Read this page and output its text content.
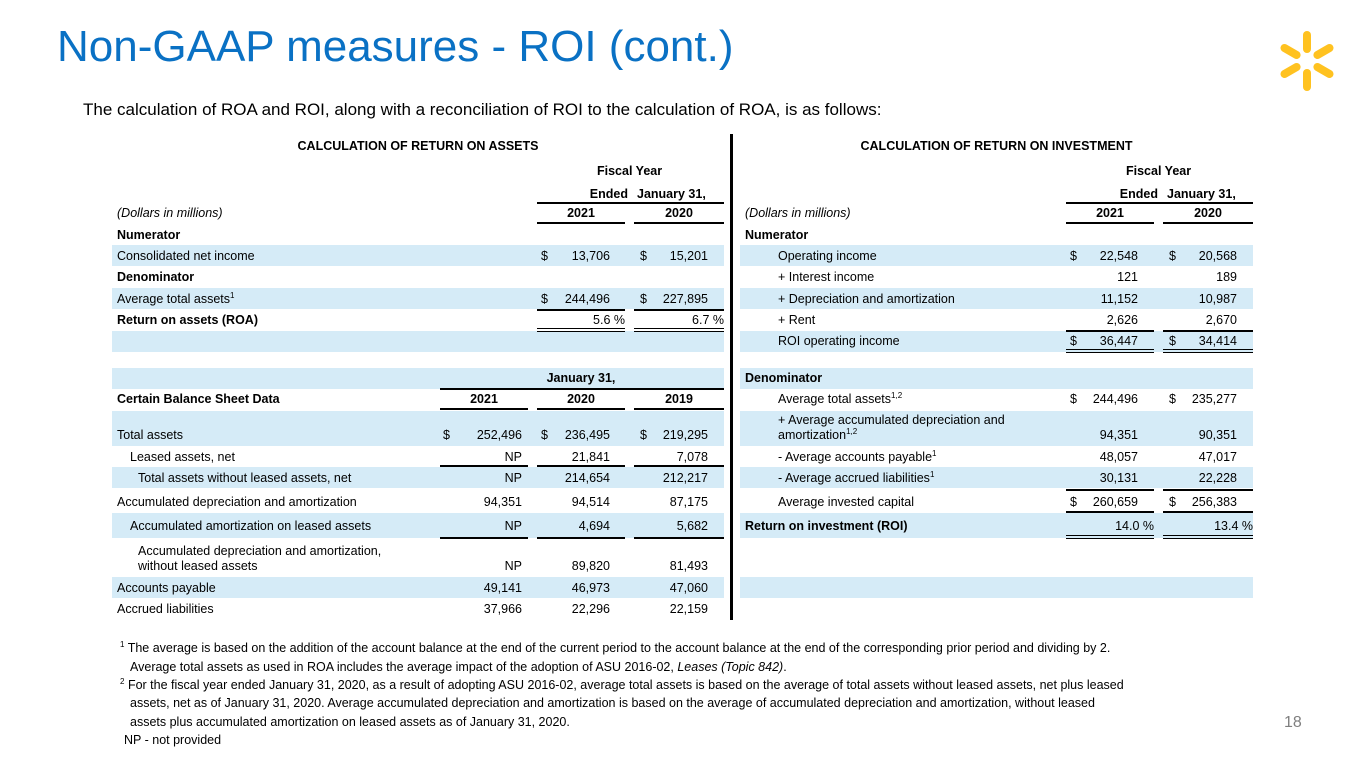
Non-GAAP measures - ROI (cont.)
The calculation of ROA and ROI, along with a reconciliation of ROI to the calculation of ROA, is as follows:
CALCULATION OF RETURN ON ASSETS
Fiscal Year
Ended January 31,
(Dollars in millions)	2021	2020
Numerator
Consolidated net income	$	13,706 $	15,201
Denominator
Average total assets$^1$	$	244,496 $	227,895
Return on assets (ROA)	5.6 %	6.7 %
January 31,
Certain Balance Sheet Data	2021	2020	2019
Total assets	$	252,496 $	236,495 $	219,295
Leased assets, net	NP	21,841	7,078
Total assets without leased assets, net	NP	214,654	212,217
Accumulated depreciation and amortization	94,351	94,514	87,175
Accumulated amortization on leased assets	NP	4,694	5,682
Accumulated depreciation and amortization,
without leased assets	NP	89,820	81,493
Accounts payable	49,141	46,973	47,060
Accrued liabilities	37,966	22,296	22,159
CALCULATION OF RETURN ON INVESTMENT
Fiscal Year
Ended January 31,
(Dollars in millions)	2021	2020
Numerator
Operating income	$	22,548 $	20,568
+ Interest income	121	189
+ Depreciation and amortization	11,152	10,987
+ Rent	2,626	2,670
ROI operating income	$	36,447 $	34,414
Denominator
Average total assets$^{1,2}$	$	244,496 $	235,277
+ Average accumulated depreciation and
amortization$^{1,2}$	94,351	90,351
- Average accounts payable$^1$	48,057	47,017
- Average accrued liabilities$^1$	30,131	22,228
Average invested capital	$	260,659 $	256,383
Return on investment (ROI)	14.0 %	13.4 %
$^1$ The average is based on the addition of the account balance at the end of the current period to the account balance at the end of the corresponding prior period and dividing by 2.
Average total assets as used in ROA includes the average impact of the adoption of ASU 2016-02, Leases (Topic 842).
$^2$ For the fiscal year ended January 31, 2020, as a result of adopting ASU 2016-02, average total assets is based on the average of total assets without leased assets, net plus leased
assets, net as of January 31, 2020. Average accumulated depreciation and amortization is based on the average of accumulated depreciation and amortization, without leased
assets plus accumulated amortization on leased assets as of January 31, 2020.
NP - not provided
18
